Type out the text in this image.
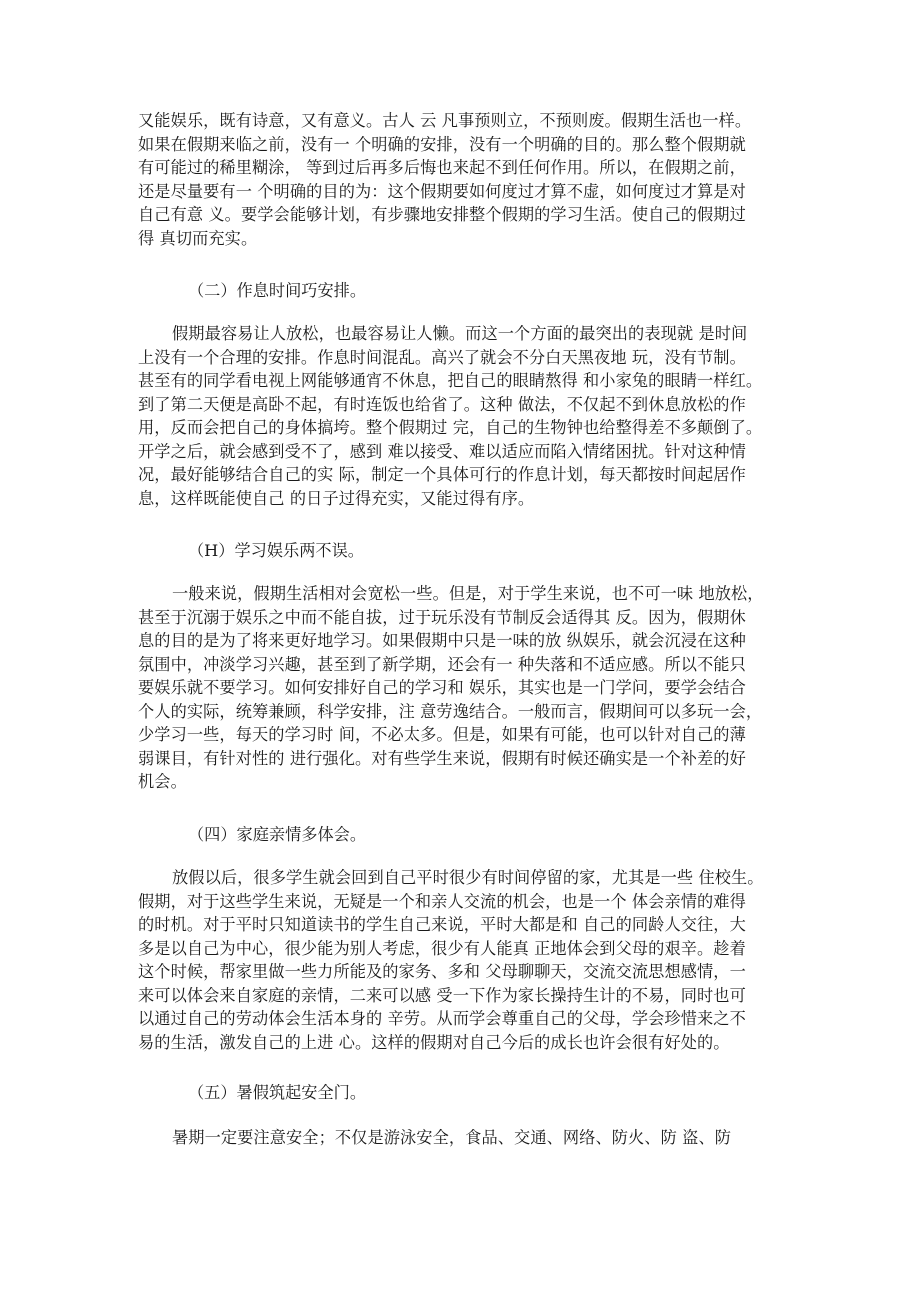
又能娱乐，既有诗意，又有意义。古人 云 凡事预则立，不预则废。假期生活也一样。
如果在假期来临之前，没有一 个明确的安排，没有一个明确的目的。那么整个假期就
有可能过的稀里糊涂， 等到过后再多后悔也来起不到任何作用。所以，在假期之前，
还是尽量要有一 个明确的目的为：这个假期要如何度过才算不虚，如何度过才算是对
自己有意 义。要学会能够计划，有步骤地安排整个假期的学习生活。使自己的假期过
得 真切而充实。
（二）作息时间巧安排。
假期最容易让人放松，也最容易让人懒。而这一个方面的最突出的表现就 是时间
上没有一个合理的安排。作息时间混乱。高兴了就会不分白天黑夜地 玩，没有节制。
甚至有的同学看电视上网能够通宵不休息，把自己的眼睛熬得 和小家兔的眼睛一样红。
到了第二天便是高卧不起，有时连饭也给省了。这种 做法，不仅起不到休息放松的作
用，反而会把自己的身体搞垮。整个假期过 完，自己的生物钟也给整得差不多颠倒了。
开学之后，就会感到受不了，感到 难以接受、难以适应而陷入情绪困扰。针对这种情
况，最好能够结合自己的实 际，制定一个具体可行的作息计划，每天都按时间起居作
息，这样既能使自己 的日子过得充实，又能过得有序。
（H）学习娱乐两不误。
一般来说，假期生活相对会宽松一些。但是，对于学生来说，也不可一味 地放松，
甚至于沉溺于娱乐之中而不能自拔，过于玩乐没有节制反会适得其 反。因为，假期休
息的目的是为了将来更好地学习。如果假期中只是一味的放 纵娱乐，就会沉浸在这种
氛围中，冲淡学习兴趣，甚至到了新学期，还会有一 种失落和不适应感。所以不能只
要娱乐就不要学习。如何安排好自己的学习和 娱乐，其实也是一门学问，要学会结合
个人的实际，统筹兼顾，科学安排，注 意劳逸结合。一般而言，假期间可以多玩一会，
少学习一些，每天的学习时 间，不必太多。但是，如果有可能，也可以针对自己的薄
弱课目，有针对性的 进行强化。对有些学生来说，假期有时候还确实是一个补差的好
机会。
（四）家庭亲情多体会。
放假以后，很多学生就会回到自己平时很少有时间停留的家，尤其是一些 住校生。
假期，对于这些学生来说，无疑是一个和亲人交流的机会，也是一个 体会亲情的难得
的时机。对于平时只知道读书的学生自己来说，平时大都是和 自己的同龄人交往，大
多是以自己为中心，很少能为别人考虑，很少有人能真 正地体会到父母的艰辛。趁着
这个时候，帮家里做一些力所能及的家务、多和 父母聊聊天，交流交流思想感情，一
来可以体会来自家庭的亲情，二来可以感 受一下作为家长操持生计的不易，同时也可
以通过自己的劳动体会生活本身的 辛劳。从而学会尊重自己的父母，学会珍惜来之不
易的生活，激发自己的上进 心。这样的假期对自己今后的成长也许会很有好处的。
（五）暑假筑起安全门。
暑期一定要注意安全；不仅是游泳安全，食品、交通、网络、防火、防 盗、防
